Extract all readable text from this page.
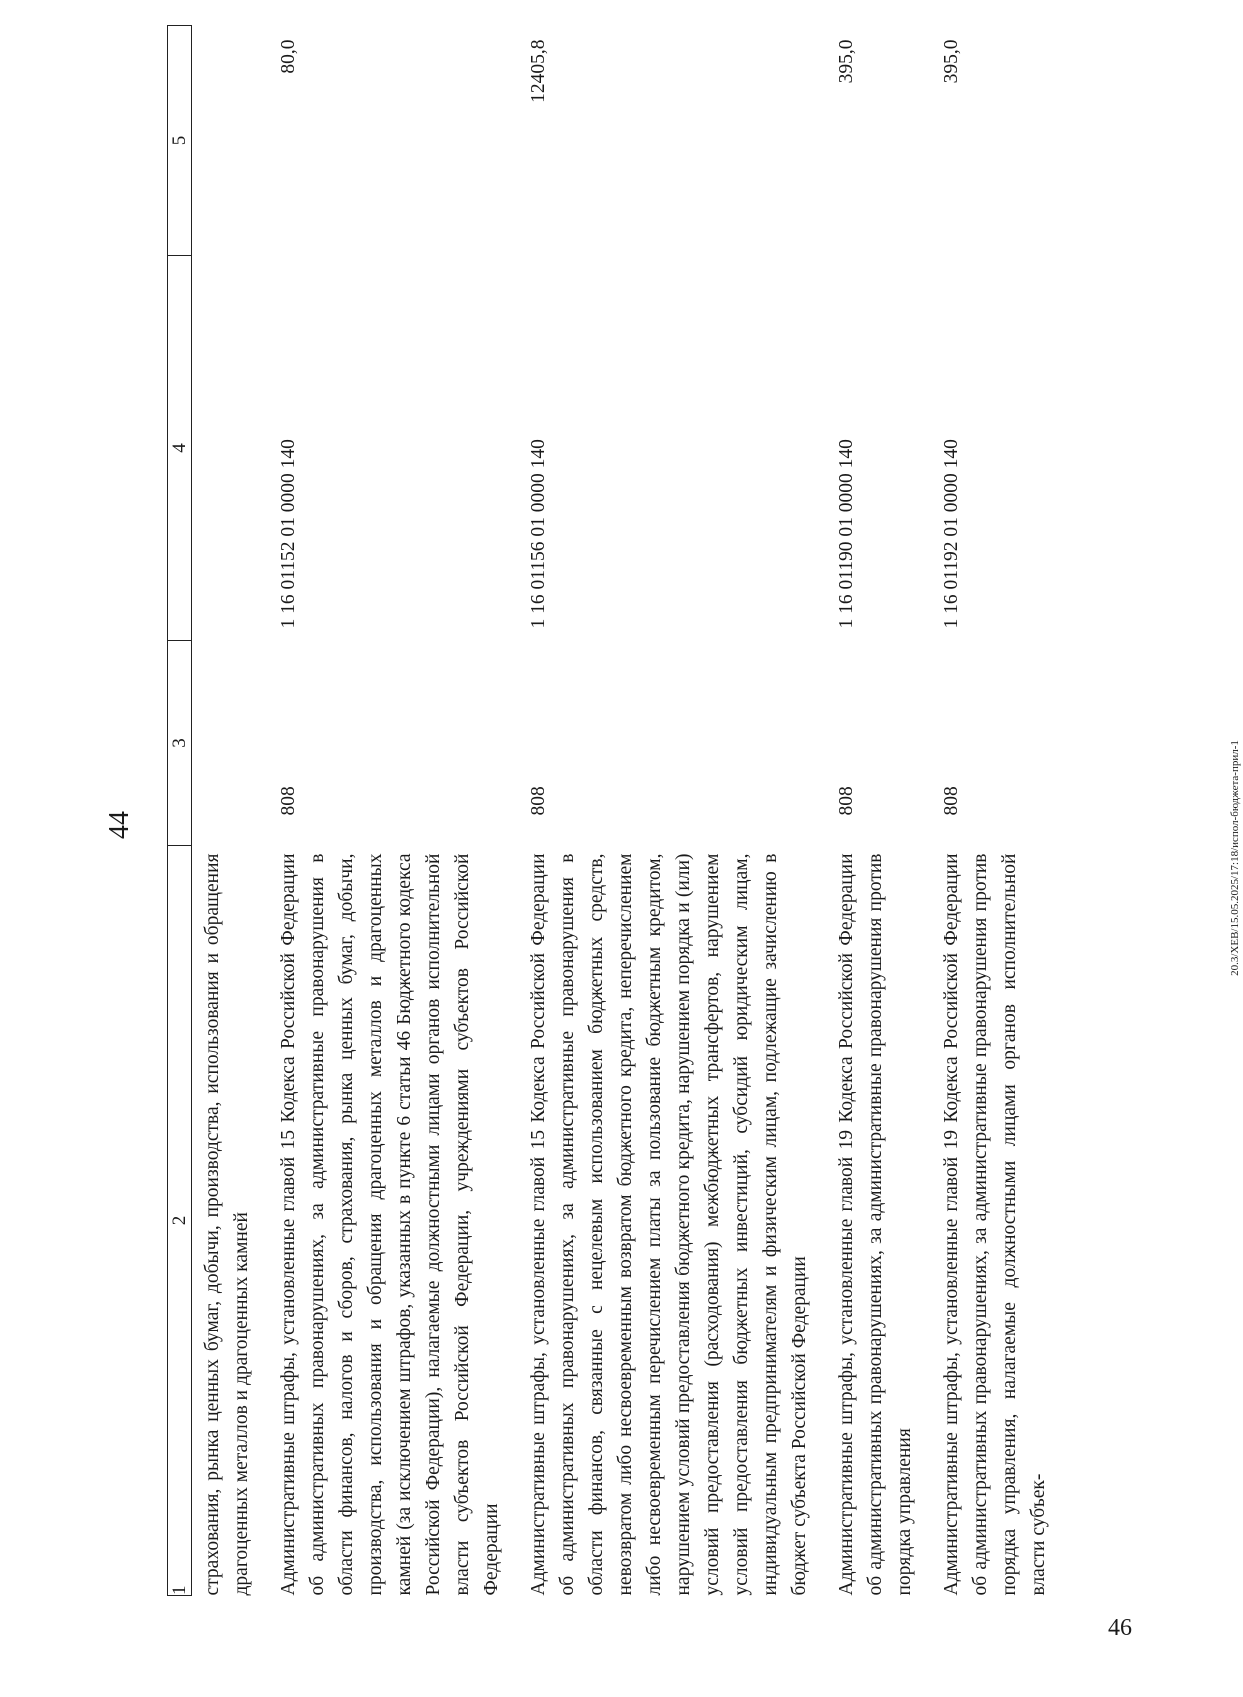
44
1	2	3	4	5
	страхования, рынка ценных бумаг, добычи, производства, использования и обращения драгоценных металлов и драгоценных камней			
	Административные штрафы, установленные главой 15 Кодекса Российской Федерации об административных правонарушениях, за административные правонарушения в области финансов, налогов и сборов, страхования, рынка ценных бумаг, добычи, производства, использования и обращения драгоценных металлов и драгоценных камней (за исключением штрафов, указанных в пункте 6 статьи 46 Бюджетного кодекса Российской Федерации), налагаемые должностными лицами органов исполнительной власти субъектов Российской Федерации, учреждениями субъектов Российской Федерации	808	1 16 01152 01 0000 140	80,0
	Административные штрафы, установленные главой 15 Кодекса Российской Федерации об административных правонарушениях, за административные правонарушения в области финансов, связанные с нецелевым использованием бюджетных средств, невозвратом либо несвоевременным возвратом бюджетного кредита, неперечислением либо несвоевременным перечислением платы за пользование бюджетным кредитом, нарушением условий предоставления бюджетного кредита, нарушением порядка и (или) условий предоставления (расходования) межбюджетных трансфертов, нарушением условий предоставления бюджетных инвестиций, субсидий юридическим лицам, индивидуальным предпринимателям и физическим лицам, подлежащие зачислению в бюджет субъекта Российской Федерации	808	1 16 01156 01 0000 140	12405,8
	Административные штрафы, установленные главой 19 Кодекса Российской Федерации об административных правонарушениях, за административные правонарушения против порядка управления	808	1 16 01190 01 0000 140	395,0
	Административные штрафы, установленные главой 19 Кодекса Российской Федерации об административных правонарушениях, за административные правонарушения против порядка управления, налагаемые должностными лицами органов исполнительной власти субъек-	808	1 16 01192 01 0000 140	395,0
20.3/XEB/15.05.2025/17:18/испол-бюджета-прил-1
46
